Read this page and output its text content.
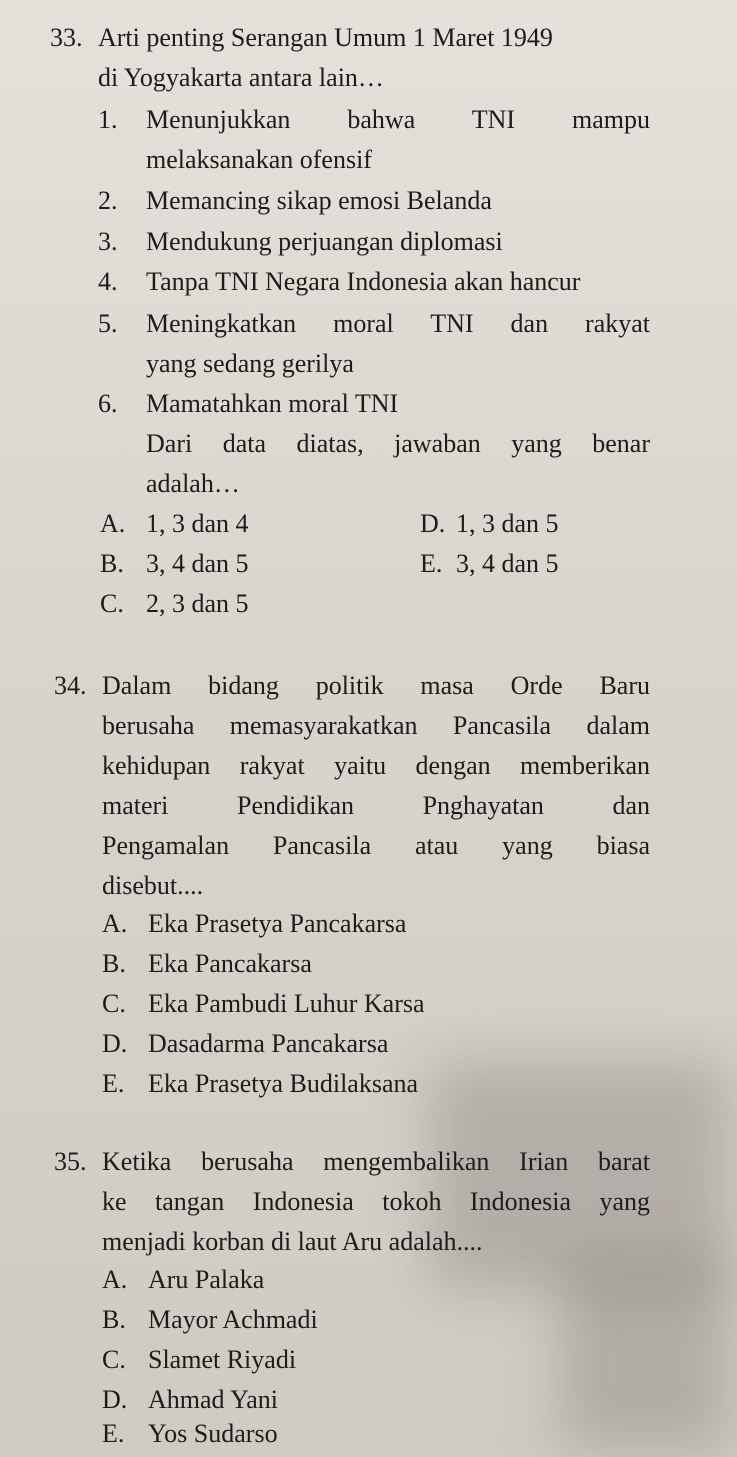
33. Arti penting Serangan Umum 1 Maret 1949
di Yogyakarta antara lain…
1. Menunjukkan bahwa TNI mampu
melaksanakan ofensif
2. Memancing sikap emosi Belanda
3. Mendukung perjuangan diplomasi
4. Tanpa TNI Negara Indonesia akan hancur
5. Meningkatkan moral TNI dan rakyat
yang sedang gerilya
6. Mamatahkan moral TNI
Dari data diatas, jawaban yang benar
adalah…
A. 1, 3 dan 4
B. 3, 4 dan 5
C. 2, 3 dan 5
D. 1, 3 dan 5
E. 3, 4 dan 5
34. Dalam bidang politik masa Orde Baru
berusaha memasyarakatkan Pancasila dalam
kehidupan rakyat yaitu dengan memberikan
materi Pendidikan Pnghayatan dan
Pengamalan Pancasila atau yang biasa
disebut....
A. Eka Prasetya Pancakarsa
B. Eka Pancakarsa
C. Eka Pambudi Luhur Karsa
D. Dasadarma Pancakarsa
E. Eka Prasetya Budilaksana
35. Ketika berusaha mengembalikan Irian barat
ke tangan Indonesia tokoh Indonesia yang
menjadi korban di laut Aru adalah....
A. Aru Palaka
B. Mayor Achmadi
C. Slamet Riyadi
D. Ahmad Yani
E. Yos Sudarso
